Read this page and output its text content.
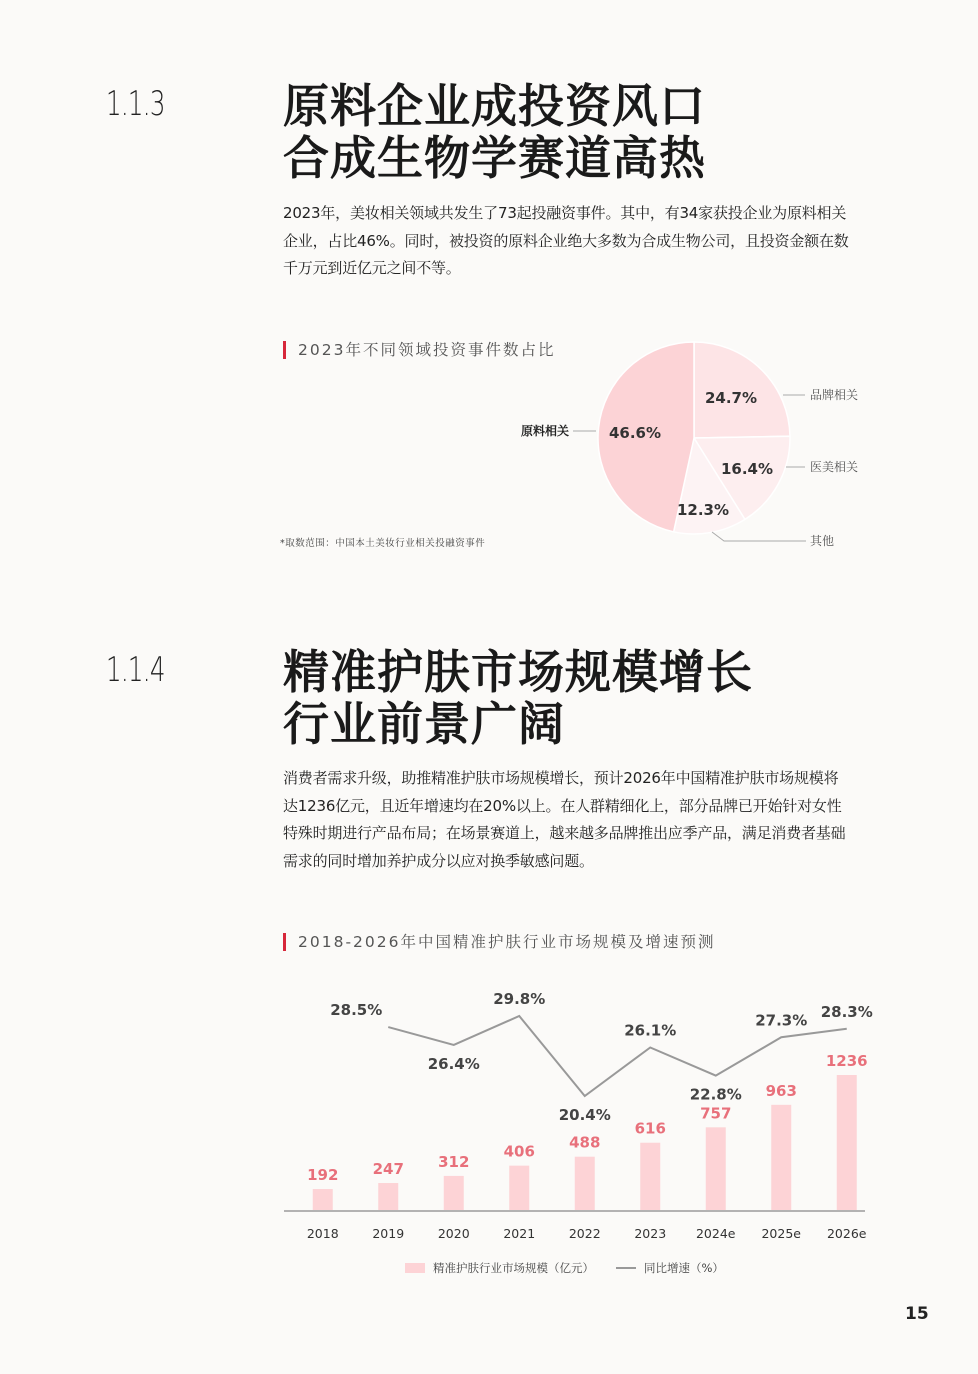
1.1.3	原料企业成投资风口
合成生物学赛道高热
2023年，美妆相关领域共发生了73起投融资事件。其中，有34家获投企业为原料相关
企业，占比46%。同时，被投资的原料企业绝大多数为合成生物公司，且投资金额在数
千万元到近亿元之间不等。
2023年不同领域投资事件数占比
46.6%
24.7%
16.4%
12.3%
原料相关
品牌相关
医美相关
其他
*取数范围：中国本土美妆行业相关投融资事件
1.1.4	精准护肤市场规模增长
行业前景广阔
消费者需求升级，助推精准护肤市场规模增长，预计2026年中国精准护肤市场规模将
达1236亿元，且近年增速均在20%以上。在人群精细化上，部分品牌已开始针对女性
特殊时期进行产品布局；在场景赛道上，越来越多品牌推出应季产品，满足消费者基础
需求的同时增加养护成分以应对换季敏感问题。
2018-2026年中国精准护肤行业市场规模及增速预测
192
2018
247
2019
312
2020
406
2021
488
2022
616
2023
757
2024e
963
2025e
1236
2026e
28.5%
26.4%
29.8%
20.4%
26.1%
22.8%
27.3% 28.3%
精准护肤行业市场规模（亿元）	同比增速（%）
15
